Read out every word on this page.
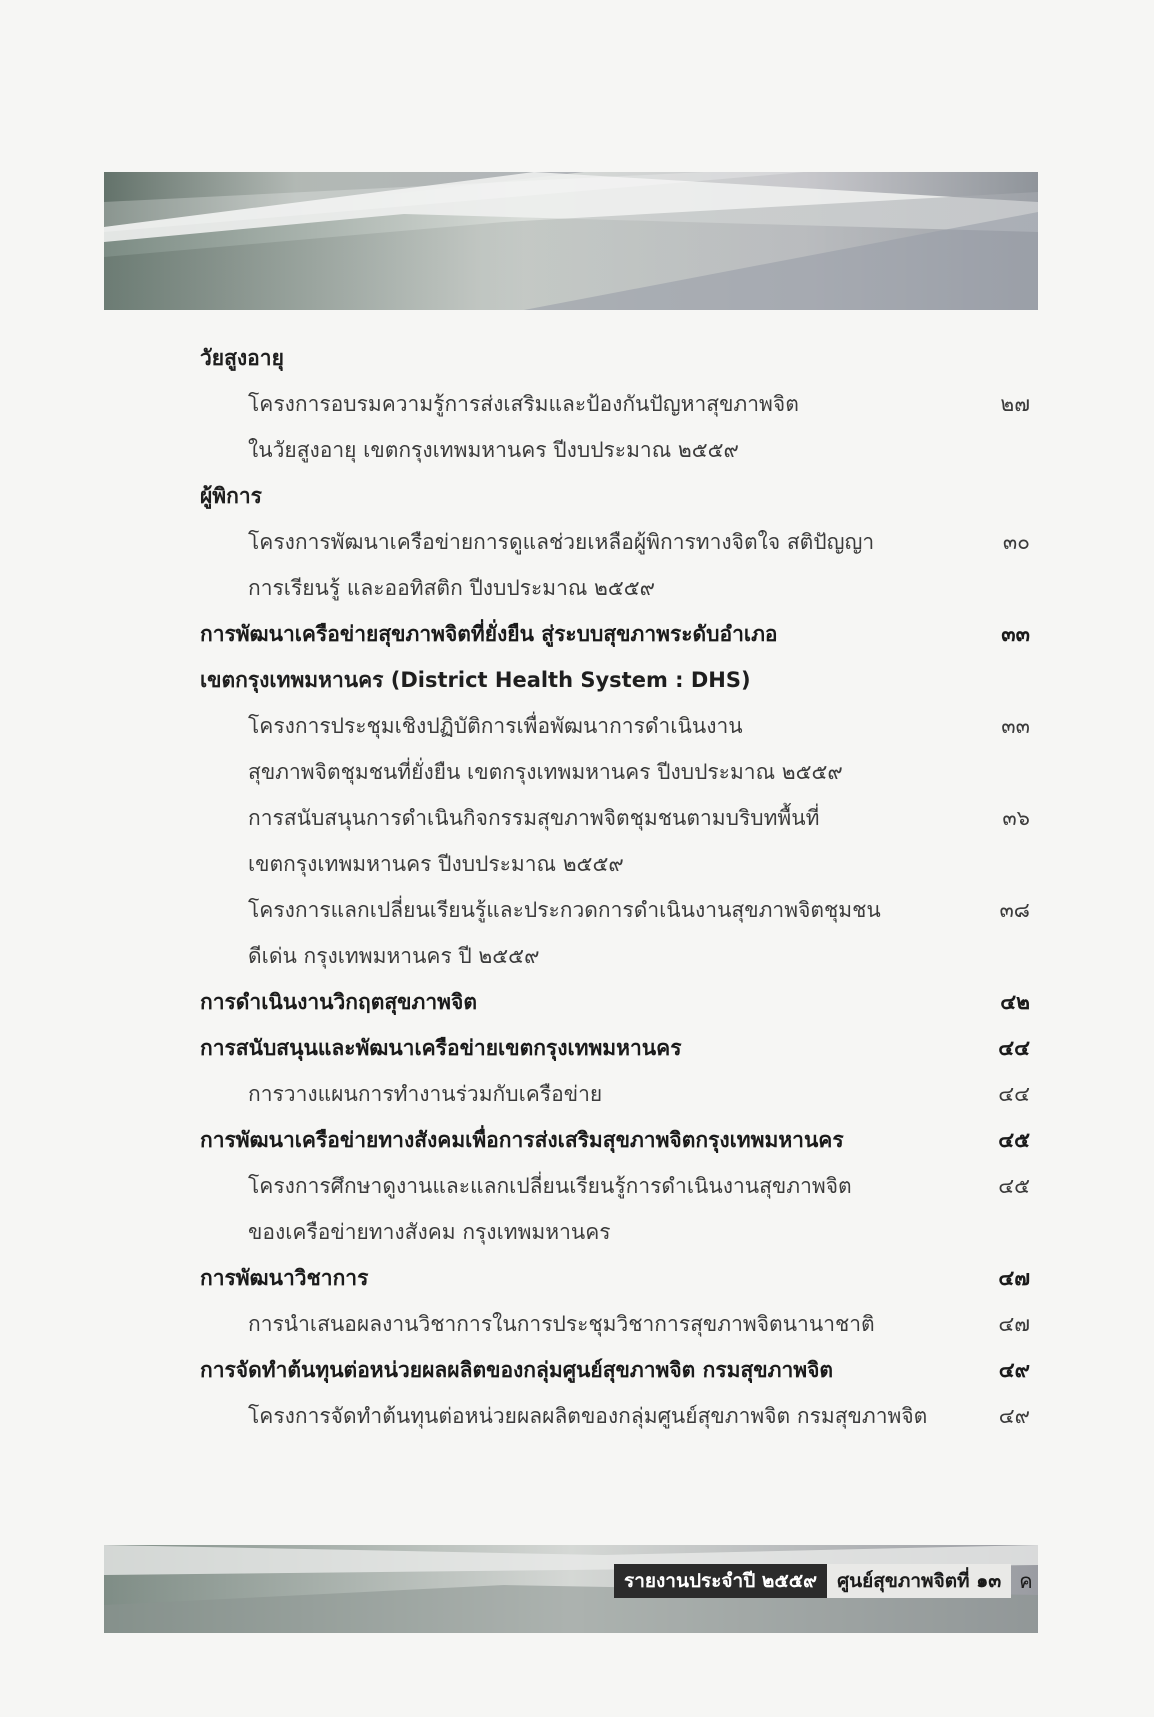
วัยสูงอายุ
โครงการอบรมความรู้การส่งเสริมและป้องกันปัญหาสุขภาพจิต	๒๗
ในวัยสูงอายุ เขตกรุงเทพมหานคร ปีงบประมาณ ๒๕๕๙
ผู้พิการ
โครงการพัฒนาเครือข่ายการดูแลช่วยเหลือผู้พิการทางจิตใจ สติปัญญา	๓๐
การเรียนรู้ และออทิสติก ปีงบประมาณ ๒๕๕๙
การพัฒนาเครือข่ายสุขภาพจิตที่ยั่งยืน สู่ระบบสุขภาพระดับอำเภอ	๓๓
เขตกรุงเทพมหานคร (District Health System : DHS)
โครงการประชุมเชิงปฏิบัติการเพื่อพัฒนาการดำเนินงาน	๓๓
สุขภาพจิตชุมชนที่ยั่งยืน เขตกรุงเทพมหานคร ปีงบประมาณ ๒๕๕๙
การสนับสนุนการดำเนินกิจกรรมสุขภาพจิตชุมชนตามบริบทพื้นที่	๓๖
เขตกรุงเทพมหานคร ปีงบประมาณ ๒๕๕๙
โครงการแลกเปลี่ยนเรียนรู้และประกวดการดำเนินงานสุขภาพจิตชุมชน	๓๘
ดีเด่น กรุงเทพมหานคร ปี ๒๕๕๙
การดำเนินงานวิกฤตสุขภาพจิต	๔๒
การสนับสนุนและพัฒนาเครือข่ายเขตกรุงเทพมหานคร	๔๔
การวางแผนการทำงานร่วมกับเครือข่าย	๔๔
การพัฒนาเครือข่ายทางสังคมเพื่อการส่งเสริมสุขภาพจิตกรุงเทพมหานคร	๔๕
โครงการศึกษาดูงานและแลกเปลี่ยนเรียนรู้การดำเนินงานสุขภาพจิต	๔๕
ของเครือข่ายทางสังคม กรุงเทพมหานคร
การพัฒนาวิชาการ	๔๗
การนำเสนอผลงานวิชาการในการประชุมวิชาการสุขภาพจิตนานาชาติ	๔๗
การจัดทำต้นทุนต่อหน่วยผลผลิตของกลุ่มศูนย์สุขภาพจิต กรมสุขภาพจิต	๔๙
โครงการจัดทำต้นทุนต่อหน่วยผลผลิตของกลุ่มศูนย์สุขภาพจิต กรมสุขภาพจิต	๔๙
รายงานประจำปี ๒๕๕๙	ศูนย์สุขภาพจิตที่ ๑๓ ค
